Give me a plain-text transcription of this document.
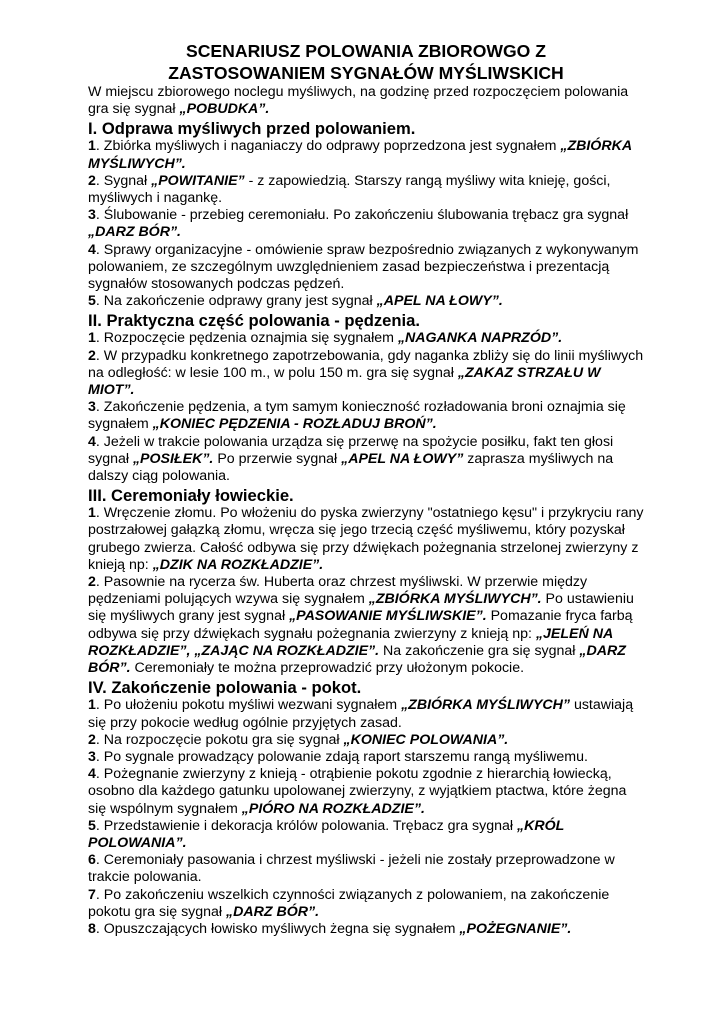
SCENARIUSZ POLOWANIA ZBIOROWGO Z
ZASTOSOWANIEM SYGNAŁÓW MYŚLIWSKICH

W miejscu zbiorowego noclegu myśliwych, na godzinę przed rozpoczęciem polowania gra się sygnał „POBUDKA”.

I. Odprawa myśliwych przed polowaniem.

1. Zbiórka myśliwych i naganiaczy do odprawy poprzedzona jest sygnałem „ZBIÓRKA MYŚLIWYCH”.

2. Sygnał „POWITANIE” - z zapowiedzią. Starszy rangą myśliwy wita knieję, gości, myśliwych i nagankę.

3. Ślubowanie - przebieg ceremoniału. Po zakończeniu ślubowania trębacz gra sygnał „DARZ BÓR”.

4. Sprawy organizacyjne - omówienie spraw bezpośrednio związanych z wykonywanym polowaniem, ze szczególnym uwzględnieniem zasad bezpieczeństwa i prezentacją sygnałów stosowanych podczas pędzeń.

5. Na zakończenie odprawy grany jest sygnał „APEL NA ŁOWY”.

II. Praktyczna część polowania - pędzenia.

1. Rozpoczęcie pędzenia oznajmia się sygnałem „NAGANKA NAPRZÓD”.

2. W przypadku konkretnego zapotrzebowania, gdy naganka zbliży się do linii myśliwych na odległość: w lesie 100 m., w polu 150 m. gra się sygnał „ZAKAZ STRZAŁU W MIOT”.

3. Zakończenie pędzenia, a tym samym konieczność rozładowania broni oznajmia się sygnałem „KONIEC PĘDZENIA - ROZŁADUJ BROŃ”.

4. Jeżeli w trakcie polowania urządza się przerwę na spożycie posiłku, fakt ten głosi sygnał „POSIŁEK”. Po przerwie sygnał „APEL NA ŁOWY” zaprasza myśliwych na dalszy ciąg polowania.

III. Ceremoniały łowieckie.

1. Wręczenie złomu. Po włożeniu do pyska zwierzyny "ostatniego kęsu" i przykryciu rany postrzałowej gałązką złomu, wręcza się jego trzecią część myśliwemu, który pozyskał grubego zwierza. Całość odbywa się przy dźwiękach pożegnania strzelonej zwierzyny z knieją np: „DZIK NA ROZKŁADZIE”.

2. Pasownie na rycerza św. Huberta oraz chrzest myśliwski. W przerwie między pędzeniami polujących wzywa się sygnałem „ZBIÓRKA MYŚLIWYCH”. Po ustawieniu się myśliwych grany jest sygnał „PASOWANIE MYŚLIWSKIE”. Pomazanie fryca farbą odbywa się przy dźwiękach sygnału pożegnania zwierzyny z knieją np: „JELEŃ NA ROZKŁADZIE”, „ZAJĄC NA ROZKŁADZIE”. Na zakończenie gra się sygnał „DARZ BÓR”. Ceremoniały te można przeprowadzić przy ułożonym pokocie.

IV. Zakończenie polowania - pokot.

1. Po ułożeniu pokotu myśliwi wezwani sygnałem „ZBIÓRKA MYŚLIWYCH” ustawiają się przy pokocie według ogólnie przyjętych zasad.

2. Na rozpoczęcie pokotu gra się sygnał „KONIEC POLOWANIA”.

3. Po sygnale prowadzący polowanie zdają raport starszemu rangą myśliwemu.

4. Pożegnanie zwierzyny z knieją - otrąbienie pokotu zgodnie z hierarchią łowiecką, osobno dla każdego gatunku upolowanej zwierzyny, z wyjątkiem ptactwa, które żegna się wspólnym sygnałem „PIÓRO NA ROZKŁADZIE”.

5. Przedstawienie i dekoracja królów polowania. Trębacz gra sygnał „KRÓL POLOWANIA”.

6. Ceremoniały pasowania i chrzest myśliwski - jeżeli nie zostały przeprowadzone w trakcie polowania.

7. Po zakończeniu wszelkich czynności związanych z polowaniem, na zakończenie pokotu gra się sygnał „DARZ BÓR”.

8. Opuszczających łowisko myśliwych żegna się sygnałem „POŻEGNANIE”.
